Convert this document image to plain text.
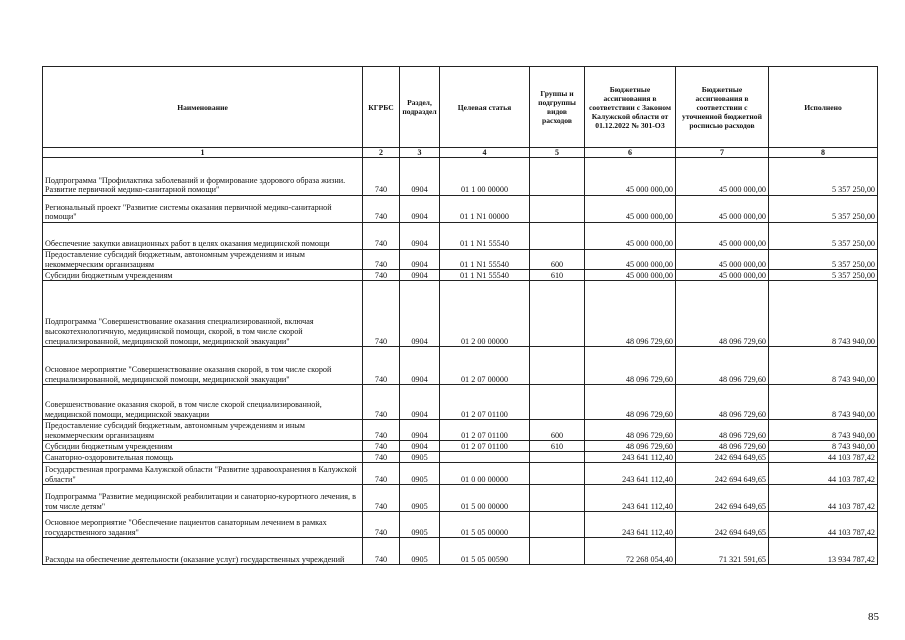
Наименование	КГРБС	Раздел, подраздел	Целевая статья	Группы и подгруппы видов расходов	Бюджетные ассигнования в соответствии с Законом Калужской области от 01.12.2022 № 301-ОЗ	Бюджетные ассигнования в соответствии с уточненной бюджетной росписью расходов	Исполнено
1	2	3	4	5	6	7	8
Подпрограмма "Профилактика заболеваний и формирование здорового образа жизни. Развитие первичной медико-санитарной помощи"	740	0904	01 1 00 00000		45 000 000,00	45 000 000,00	5 357 250,00
Региональный проект "Развитие системы оказания первичной медико-санитарной помощи"	740	0904	01 1 N1 00000		45 000 000,00	45 000 000,00	5 357 250,00
Обеспечение закупки авиационных работ в целях оказания медицинской помощи	740	0904	01 1 N1 55540		45 000 000,00	45 000 000,00	5 357 250,00
Предоставление субсидий бюджетным, автономным учреждениям и иным некоммерческим организациям	740	0904	01 1 N1 55540	600	45 000 000,00	45 000 000,00	5 357 250,00
Субсидии бюджетным учреждениям	740	0904	01 1 N1 55540	610	45 000 000,00	45 000 000,00	5 357 250,00
Подпрограмма "Совершенствование оказания специализированной, включая высокотехнологичную, медицинской помощи, скорой, в том числе скорой специализированной, медицинской помощи, медицинской эвакуации"	740	0904	01 2 00 00000		48 096 729,60	48 096 729,60	8 743 940,00
Основное мероприятие "Совершенствование оказания скорой, в том числе скорой специализированной, медицинской помощи, медицинской эвакуации"	740	0904	01 2 07 00000		48 096 729,60	48 096 729,60	8 743 940,00
Совершенствование оказания скорой, в том числе скорой специализированной, медицинской помощи, медицинской эвакуации	740	0904	01 2 07 01100		48 096 729,60	48 096 729,60	8 743 940,00
Предоставление субсидий бюджетным, автономным учреждениям и иным некоммерческим организациям	740	0904	01 2 07 01100	600	48 096 729,60	48 096 729,60	8 743 940,00
Субсидии бюджетным учреждениям	740	0904	01 2 07 01100	610	48 096 729,60	48 096 729,60	8 743 940,00
Санаторно-оздоровительная помощь	740	0905			243 641 112,40	242 694 649,65	44 103 787,42
Государственная программа Калужской области "Развитие здравоохранения в Калужской области"	740	0905	01 0 00 00000		243 641 112,40	242 694 649,65	44 103 787,42
Подпрограмма "Развитие медицинской реабилитации и санаторно-курортного лечения, в том числе детям"	740	0905	01 5 00 00000		243 641 112,40	242 694 649,65	44 103 787,42
Основное мероприятие "Обеспечение пациентов санаторным лечением в рамках государственного задания"	740	0905	01 5 05 00000		243 641 112,40	242 694 649,65	44 103 787,42
Расходы на обеспечение деятельности (оказание услуг) государственных учреждений	740	0905	01 5 05 00590		72 268 054,40	71 321 591,65	13 934 787,42
85
